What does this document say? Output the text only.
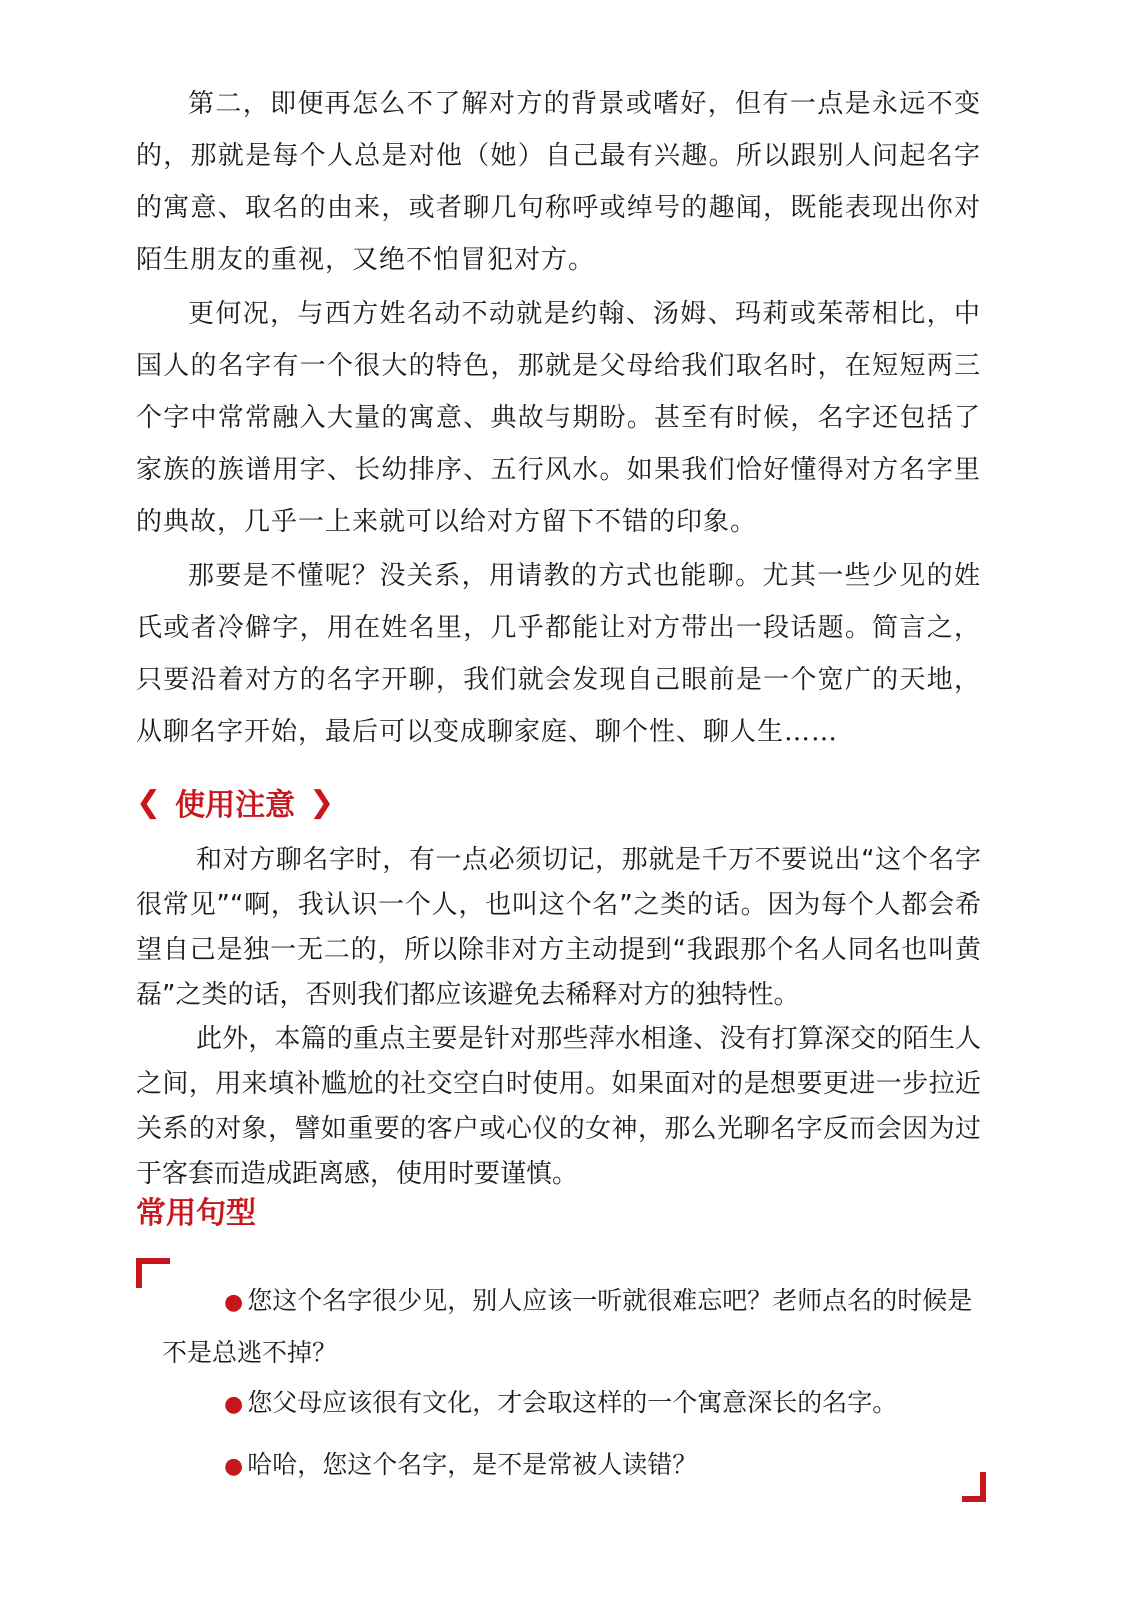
第二，即便再怎么不了解对方的背景或嗜好，但有一点是永远不变的，那就是每个人总是对他（她）自己最有兴趣。所以跟别人问起名字的寓意、取名的由来，或者聊几句称呼或绰号的趣闻，既能表现出你对陌生朋友的重视，又绝不怕冒犯对方。

更何况，与西方姓名动不动就是约翰、汤姆、玛莉或茱蒂相比，中国人的名字有一个很大的特色，那就是父母给我们取名时，在短短两三个字中常常融入大量的寓意、典故与期盼。甚至有时候，名字还包括了家族的族谱用字、长幼排序、五行风水。如果我们恰好懂得对方名字里的典故，几乎一上来就可以给对方留下不错的印象。

那要是不懂呢？没关系，用请教的方式也能聊。尤其一些少见的姓氏或者冷僻字，用在姓名里，几乎都能让对方带出一段话题。简言之，只要沿着对方的名字开聊，我们就会发现自己眼前是一个宽广的天地，从聊名字开始，最后可以变成聊家庭、聊个性、聊人生……

❮ 使用注意 ❯

和对方聊名字时，有一点必须切记，那就是千万不要说出“这个名字很常见”“啊，我认识一个人，也叫这个名”之类的话。因为每个人都会希望自己是独一无二的，所以除非对方主动提到“我跟那个名人同名也叫黄磊”之类的话，否则我们都应该避免去稀释对方的独特性。

此外，本篇的重点主要是针对那些萍水相逢、没有打算深交的陌生人之间，用来填补尴尬的社交空白时使用。如果面对的是想要更进一步拉近关系的对象，譬如重要的客户或心仪的女神，那么光聊名字反而会因为过于客套而造成距离感，使用时要谨慎。

常用句型

● 您这个名字很少见，别人应该一听就很难忘吧？老师点名的时候是不是总逃不掉？

● 您父母应该很有文化，才会取这样的一个寓意深长的名字。

● 哈哈，您这个名字，是不是常被人读错？
